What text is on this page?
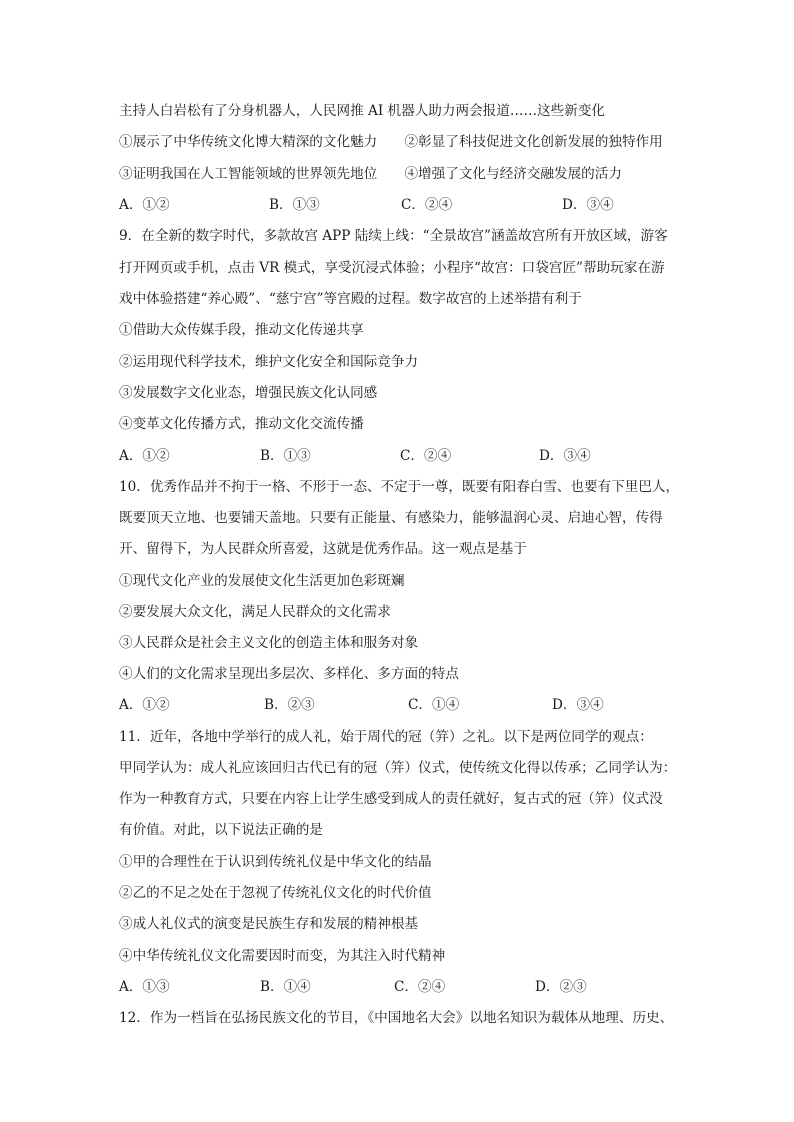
主持人白岩松有了分身机器人，人民网推 AI 机器人助力两会报道……这些新变化
①展示了中华传统文化博大精深的文化魅力　　②彰显了科技促进文化创新发展的独特作用
③证明我国在人工智能领域的世界领先地位　　④增强了文化与经济交融发展的活力
A．①②	B．①③	C．②④	D．③④
9．在全新的数字时代，多款故宫 APP 陆续上线：“全景故宫”涵盖故宫所有开放区域，游客
打开网页或手机，点击 VR 模式，享受沉浸式体验；小程序“故宫：口袋宫匠”帮助玩家在游
戏中体验搭建“养心殿”、“慈宁宫”等宫殿的过程。数字故宫的上述举措有利于
①借助大众传媒手段，推动文化传递共享
②运用现代科学技术，维护文化安全和国际竞争力
③发展数字文化业态，增强民族文化认同感
④变革文化传播方式，推动文化交流传播
A．①②	B．①③	C．②④	D．③④
10．优秀作品并不拘于一格、不形于一态、不定于一尊，既要有阳春白雪、也要有下里巴人，
既要顶天立地、也要铺天盖地。只要有正能量、有感染力，能够温润心灵、启迪心智，传得
开、留得下，为人民群众所喜爱，这就是优秀作品。这一观点是基于
①现代文化产业的发展使文化生活更加色彩斑斓
②要发展大众文化，满足人民群众的文化需求
③人民群众是社会主义文化的创造主体和服务对象
④人们的文化需求呈现出多层次、多样化、多方面的特点
A．①②	B．②③	C．①④	D．③④
11．近年，各地中学举行的成人礼，始于周代的冠（笄）之礼。以下是两位同学的观点：
甲同学认为：成人礼应该回归古代已有的冠（笄）仪式，使传统文化得以传承；乙同学认为：
作为一种教育方式，只要在内容上让学生感受到成人的责任就好，复古式的冠（笄）仪式没
有价值。对此，以下说法正确的是
①甲的合理性在于认识到传统礼仪是中华文化的结晶
②乙的不足之处在于忽视了传统礼仪文化的时代价值
③成人礼仪式的演变是民族生存和发展的精神根基
④中华传统礼仪文化需要因时而变，为其注入时代精神
A．①③	B．①④	C．②④	D．②③
12．作为一档旨在弘扬民族文化的节目，《中国地名大会》以地名知识为载体从地理、历史、
